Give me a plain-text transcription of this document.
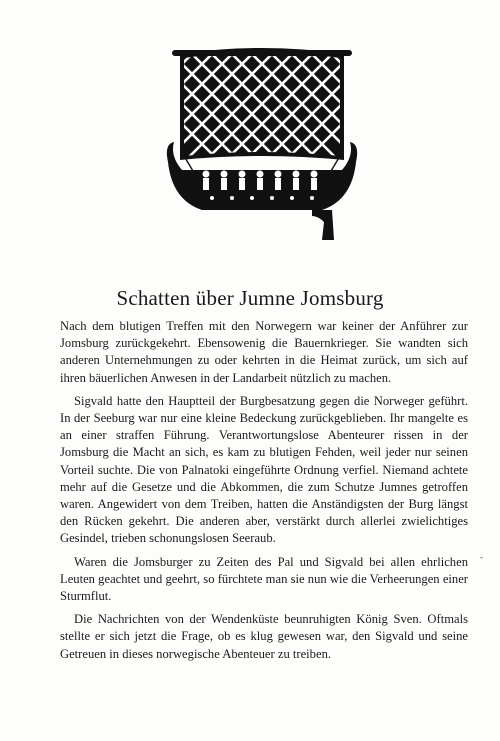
Schatten über Jumne Jomsburg

Nach dem blutigen Treffen mit den Norwegern war keiner der Anführer zur Jomsburg zurückgekehrt. Ebensowenig die Bauernkrieger. Sie wandten sich anderen Unternehmungen zu oder kehrten in die Heimat zurück, um sich auf ihren bäuerlichen Anwesen in der Landarbeit nützlich zu machen.

Sigvald hatte den Hauptteil der Burgbesatzung gegen die Norweger geführt. In der Seeburg war nur eine kleine Bedeckung zurückgeblieben. Ihr mangelte es an einer straffen Führung. Verantwortungslose Abenteurer rissen in der Jomsburg die Macht an sich, es kam zu blutigen Fehden, weil jeder nur seinen Vorteil suchte. Die von Palnatoki eingeführte Ordnung verfiel. Niemand achtete mehr auf die Gesetze und die Abkommen, die zum Schutze Jumnes getroffen waren. Angewidert von dem Treiben, hatten die Anständigsten der Burg längst den Rücken gekehrt. Die anderen aber, verstärkt durch allerlei zwielichtiges Gesindel, trieben schonungslosen Seeraub.

Waren die Jomsburger zu Zeiten des Pal und Sigvald bei allen ehrlichen Leuten geachtet und geehrt, so fürchtete man sie nun wie die Verheerungen einer Sturmflut.

Die Nachrichten von der Wendenküste beunruhigten König Sven. Oftmals stellte er sich jetzt die Frage, ob es klug gewesen war, den Sigvald und seine Getreuen in dieses norwegische Abenteuer zu treiben.

-
